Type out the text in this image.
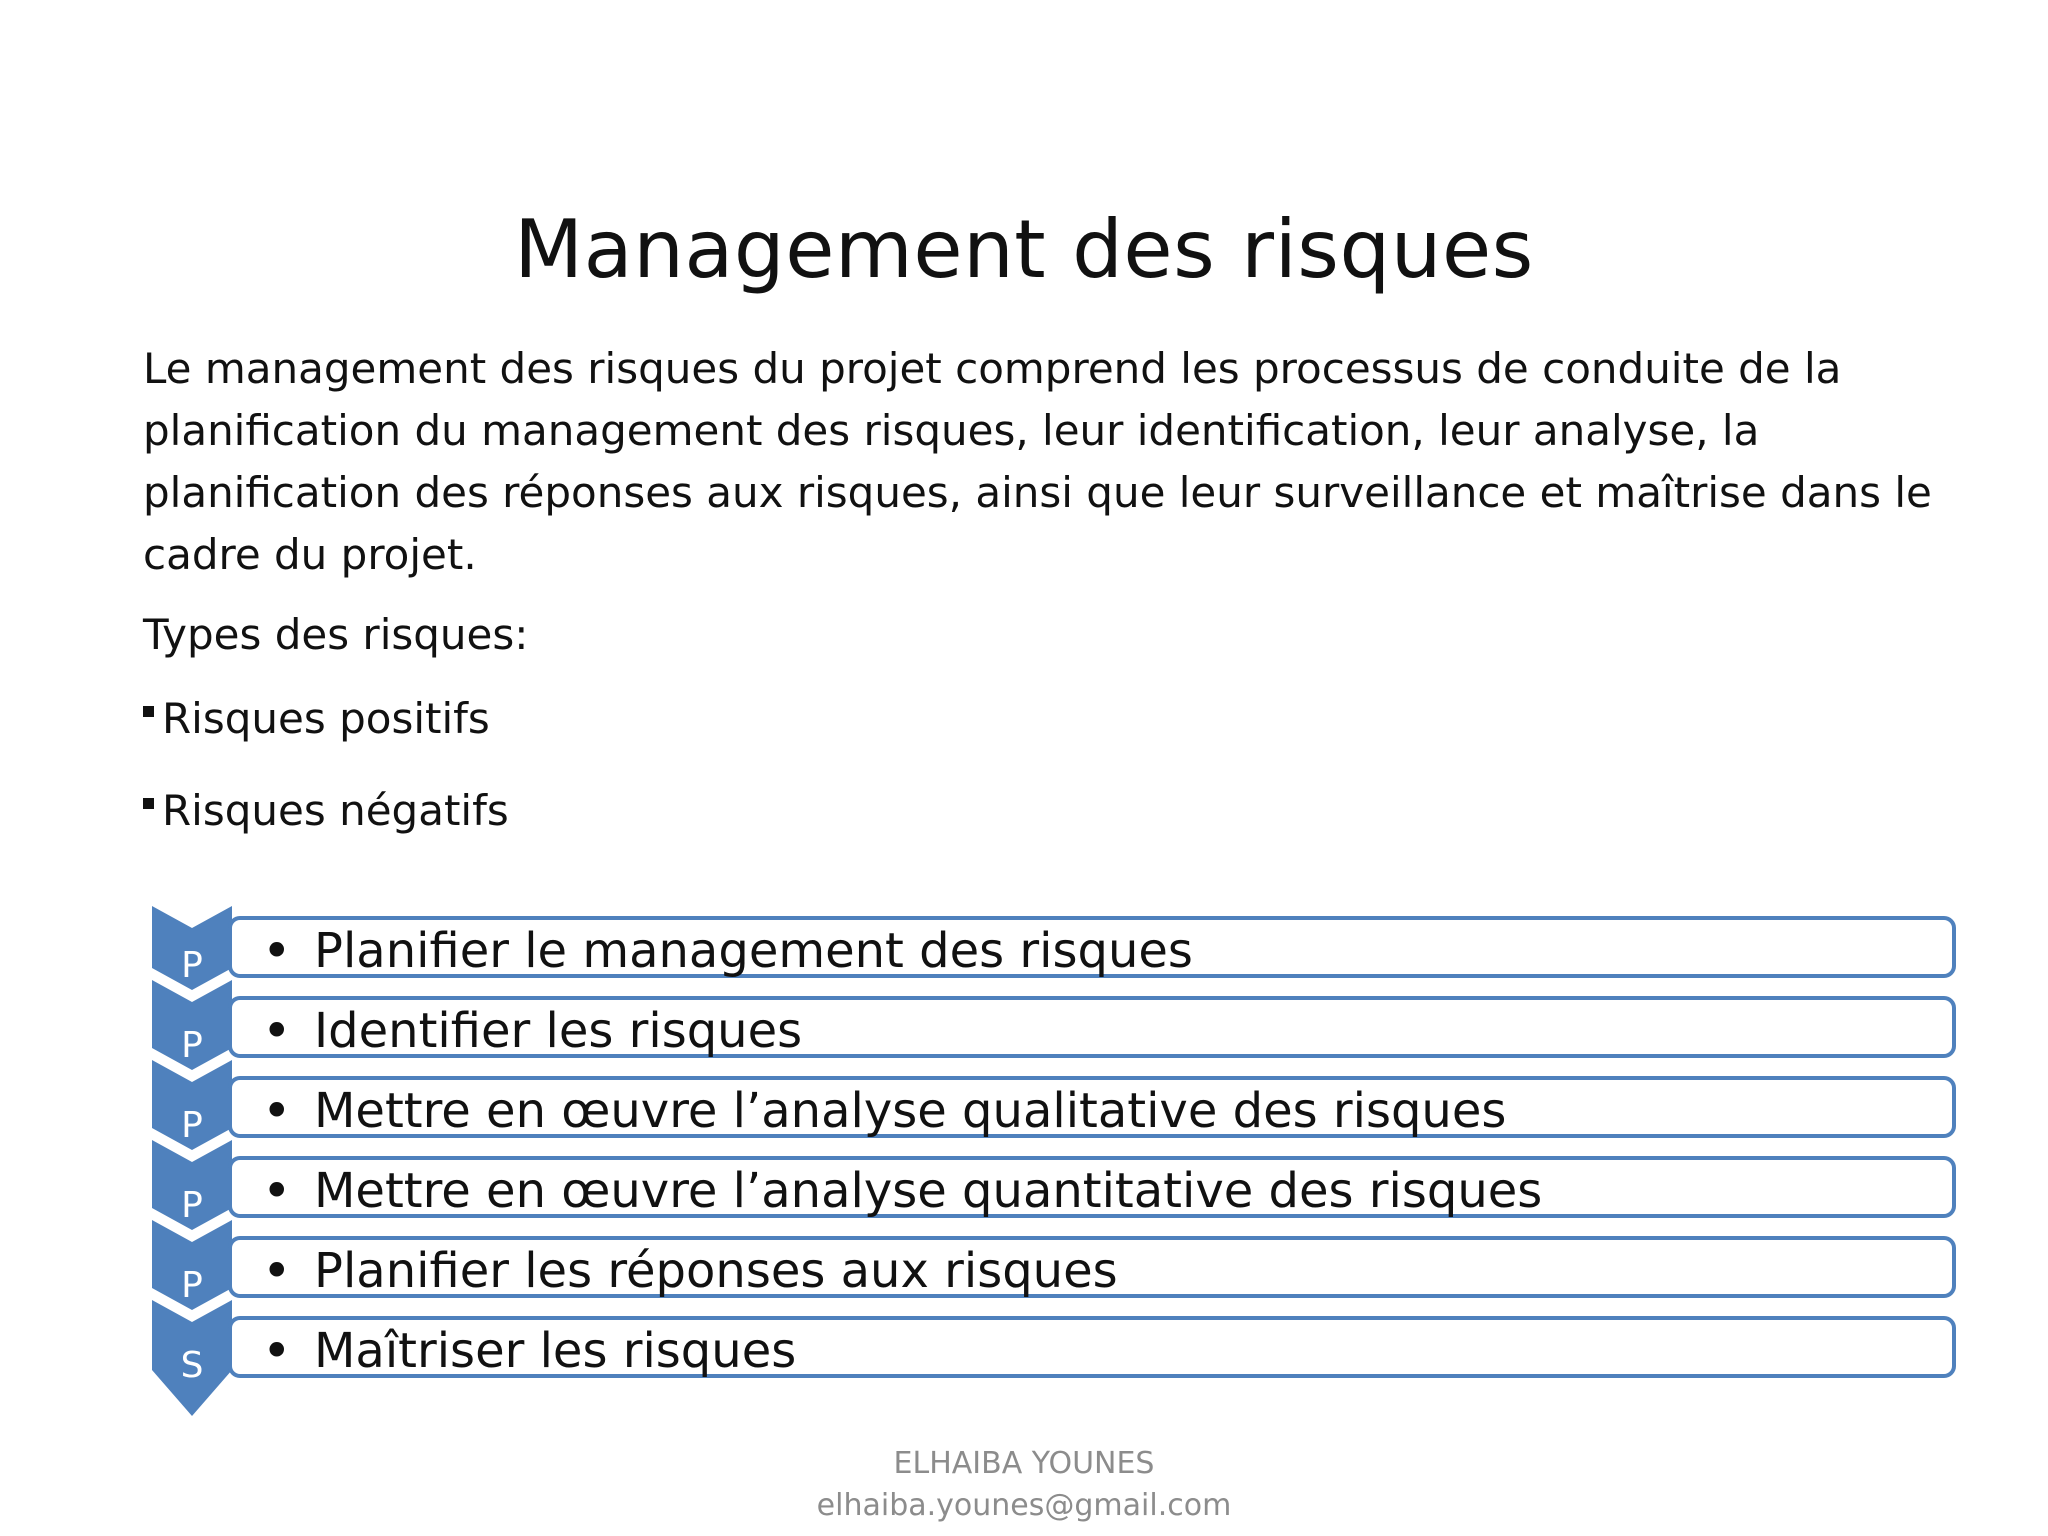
Management des risques
Le management des risques du projet comprend les processus de conduite de la
planification du management des risques, leur identification, leur analyse, la
planification des réponses aux risques, ainsi que leur surveillance et maîtrise dans le
cadre du projet.
Types des risques:
Risques positifs
Risques négatifs
P
P
P
P
P
S
• Planifier le management des risques
• Identifier les risques
• Mettre en œuvre l’analyse qualitative des risques
• Mettre en œuvre l’analyse quantitative des risques
• Planifier les réponses aux risques
• Maîtriser les risques
ELHAIBA YOUNES
elhaiba.younes@gmail.com
